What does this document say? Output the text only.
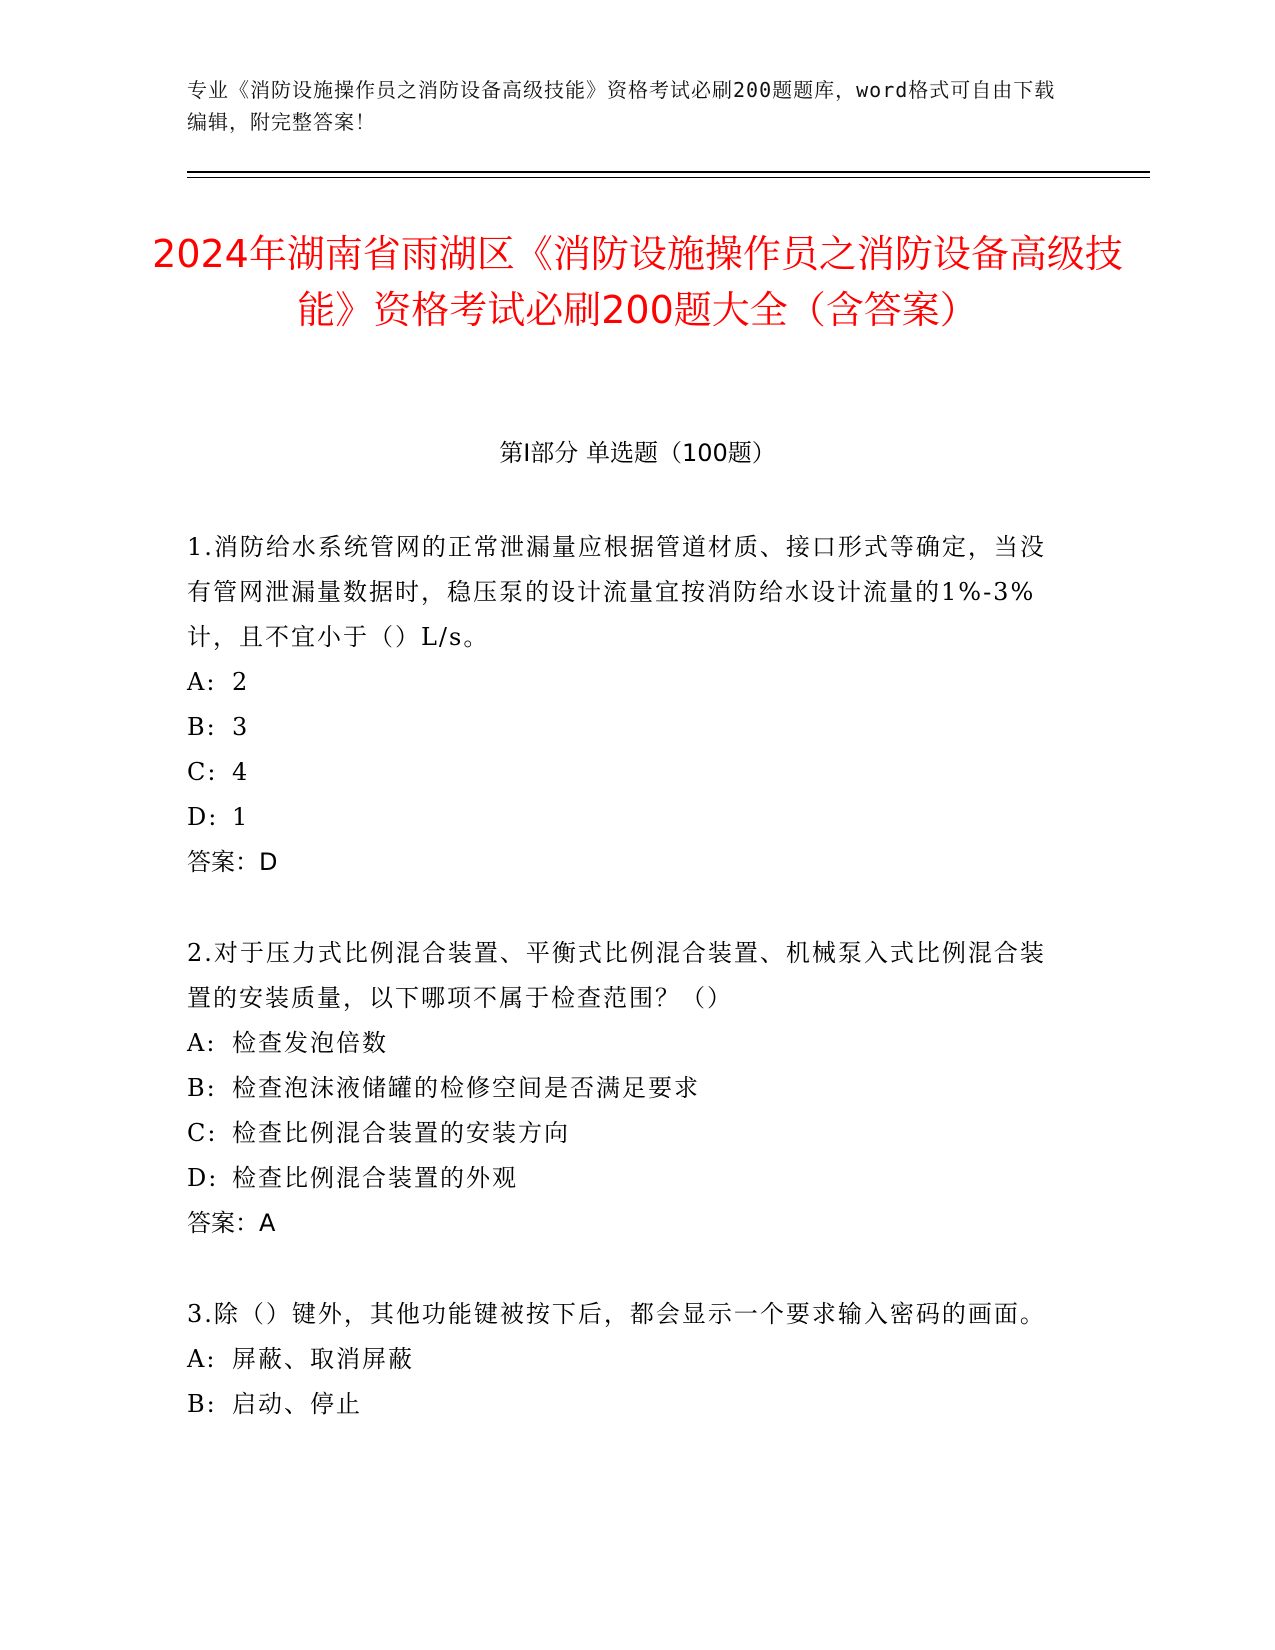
专业《消防设施操作员之消防设备高级技能》资格考试必刷200题题库，word格式可自由下载编辑，附完整答案！
2024年湖南省雨湖区《消防设施操作员之消防设备高级技能》资格考试必刷200题大全（含答案）
第Ⅰ部分 单选题（100题）

1.消防给水系统管网的正常泄漏量应根据管道材质、接口形式等确定，当没有管网泄漏量数据时，稳压泵的设计流量宜按消防给水设计流量的1%-3%计，且不宜小于（）L/s。

A: 2
B: 3
C: 4
D: 1

答案：D

2.对于压力式比例混合装置、平衡式比例混合装置、机械泵入式比例混合装置的安装质量，以下哪项不属于检查范围？（）

A: 检查发泡倍数
B: 检查泡沫液储罐的检修空间是否满足要求
C: 检查比例混合装置的安装方向
D: 检查比例混合装置的外观

答案：A

3.除（）键外，其他功能键被按下后，都会显示一个要求输入密码的画面。

A: 屏蔽、取消屏蔽
B: 启动、停止
